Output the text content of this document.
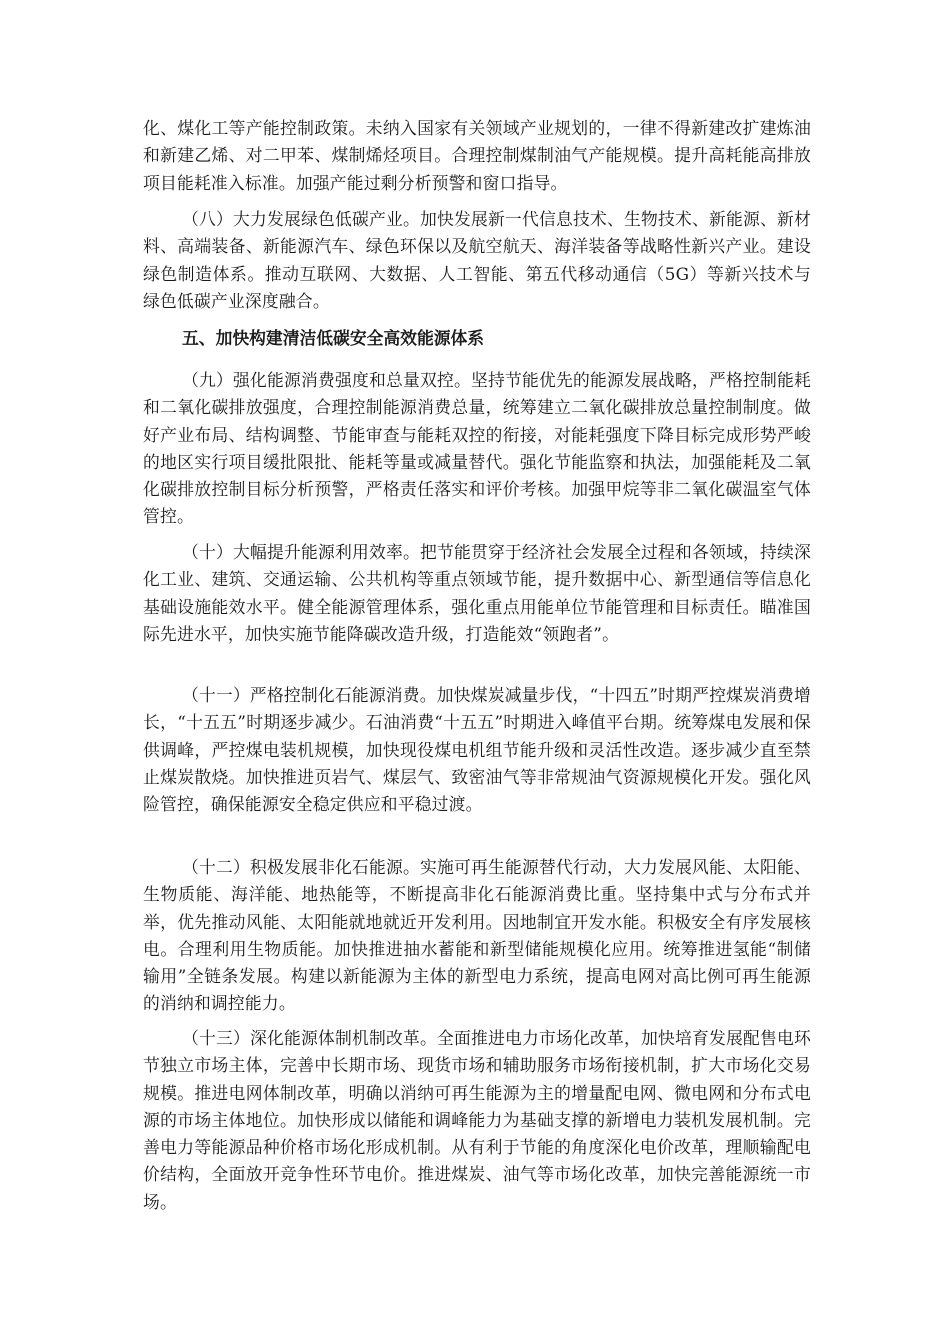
化、煤化工等产能控制政策。未纳入国家有关领域产业规划的，一律不得新建改扩建炼油和新建乙烯、对二甲苯、煤制烯烃项目。合理控制煤制油气产能规模。提升高耗能高排放项目能耗准入标准。加强产能过剩分析预警和窗口指导。

（八）大力发展绿色低碳产业。加快发展新一代信息技术、生物技术、新能源、新材料、高端装备、新能源汽车、绿色环保以及航空航天、海洋装备等战略性新兴产业。建设绿色制造体系。推动互联网、大数据、人工智能、第五代移动通信（5G）等新兴技术与绿色低碳产业深度融合。

五、加快构建清洁低碳安全高效能源体系

（九）强化能源消费强度和总量双控。坚持节能优先的能源发展战略，严格控制能耗和二氧化碳排放强度，合理控制能源消费总量，统筹建立二氧化碳排放总量控制制度。做好产业布局、结构调整、节能审查与能耗双控的衔接，对能耗强度下降目标完成形势严峻的地区实行项目缓批限批、能耗等量或减量替代。强化节能监察和执法，加强能耗及二氧化碳排放控制目标分析预警，严格责任落实和评价考核。加强甲烷等非二氧化碳温室气体管控。

（十）大幅提升能源利用效率。把节能贯穿于经济社会发展全过程和各领域，持续深化工业、建筑、交通运输、公共机构等重点领域节能，提升数据中心、新型通信等信息化基础设施能效水平。健全能源管理体系，强化重点用能单位节能管理和目标责任。瞄准国际先进水平，加快实施节能降碳改造升级，打造能效“领跑者”。

（十一）严格控制化石能源消费。加快煤炭减量步伐，“十四五”时期严控煤炭消费增长，“十五五”时期逐步减少。石油消费“十五五”时期进入峰值平台期。统筹煤电发展和保供调峰，严控煤电装机规模，加快现役煤电机组节能升级和灵活性改造。逐步减少直至禁止煤炭散烧。加快推进页岩气、煤层气、致密油气等非常规油气资源规模化开发。强化风险管控，确保能源安全稳定供应和平稳过渡。

（十二）积极发展非化石能源。实施可再生能源替代行动，大力发展风能、太阳能、生物质能、海洋能、地热能等，不断提高非化石能源消费比重。坚持集中式与分布式并举，优先推动风能、太阳能就地就近开发利用。因地制宜开发水能。积极安全有序发展核电。合理利用生物质能。加快推进抽水蓄能和新型储能规模化应用。统筹推进氢能“制储输用”全链条发展。构建以新能源为主体的新型电力系统，提高电网对高比例可再生能源的消纳和调控能力。

（十三）深化能源体制机制改革。全面推进电力市场化改革，加快培育发展配售电环节独立市场主体，完善中长期市场、现货市场和辅助服务市场衔接机制，扩大市场化交易规模。推进电网体制改革，明确以消纳可再生能源为主的增量配电网、微电网和分布式电源的市场主体地位。加快形成以储能和调峰能力为基础支撑的新增电力装机发展机制。完善电力等能源品种价格市场化形成机制。从有利于节能的角度深化电价改革，理顺输配电价结构，全面放开竞争性环节电价。推进煤炭、油气等市场化改革，加快完善能源统一市场。
